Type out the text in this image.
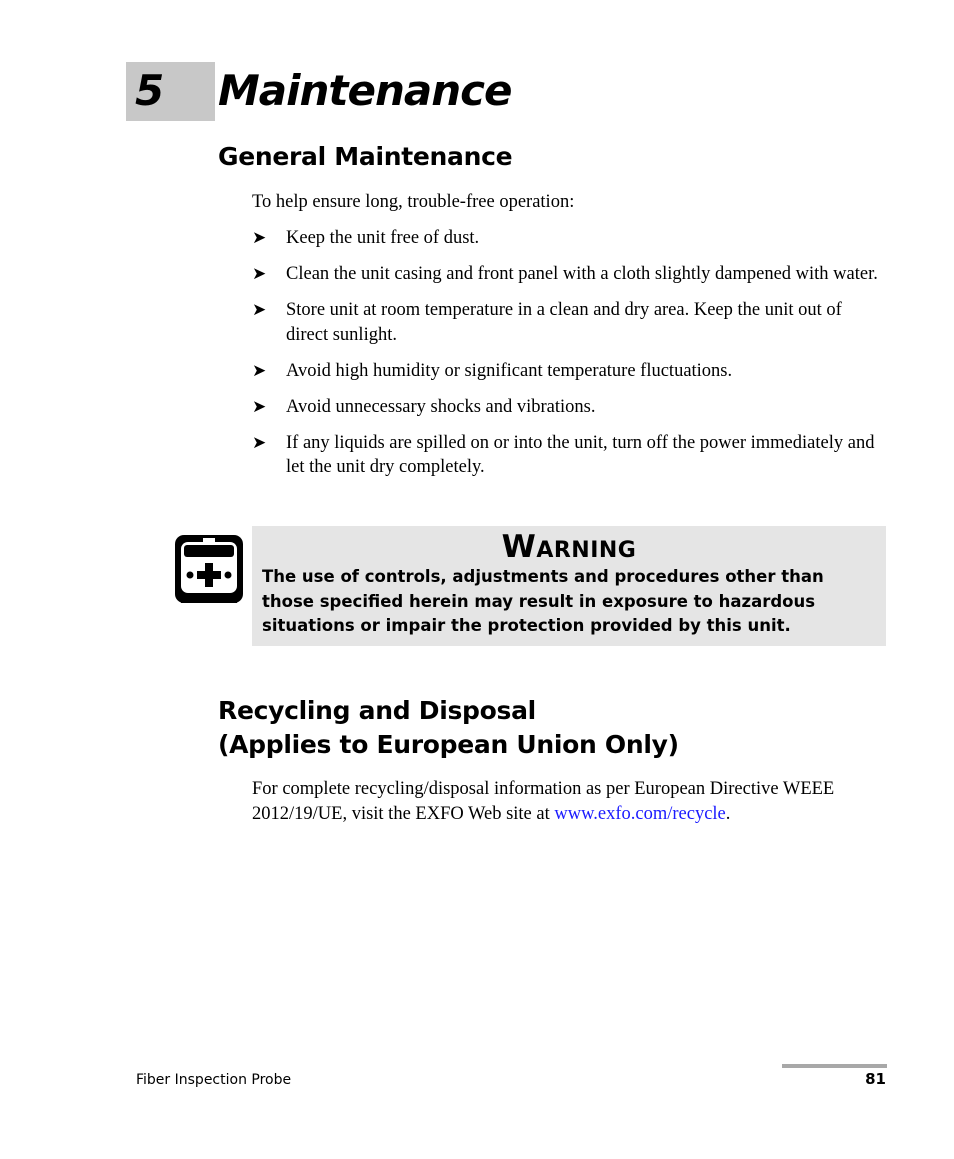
5 Maintenance
General Maintenance

To help ensure long, trouble-free operation:

➤ Keep the unit free of dust.
➤ Clean the unit casing and front panel with a cloth slightly dampened with water.
➤ Store unit at room temperature in a clean and dry area. Keep the unit out of direct sunlight.
➤ Avoid high humidity or significant temperature fluctuations.
➤ Avoid unnecessary shocks and vibrations.
➤ If any liquids are spilled on or into the unit, turn off the power immediately and let the unit dry completely.
Warning

The use of controls, adjustments and procedures other than those specified herein may result in exposure to hazardous situations or impair the protection provided by this unit.

Recycling and Disposal
(Applies to European Union Only)

For complete recycling/disposal information as per European Directive WEEE 2012/19/UE, visit the EXFO Web site at www.exfo.com/recycle.

Fiber Inspection Probe	81
